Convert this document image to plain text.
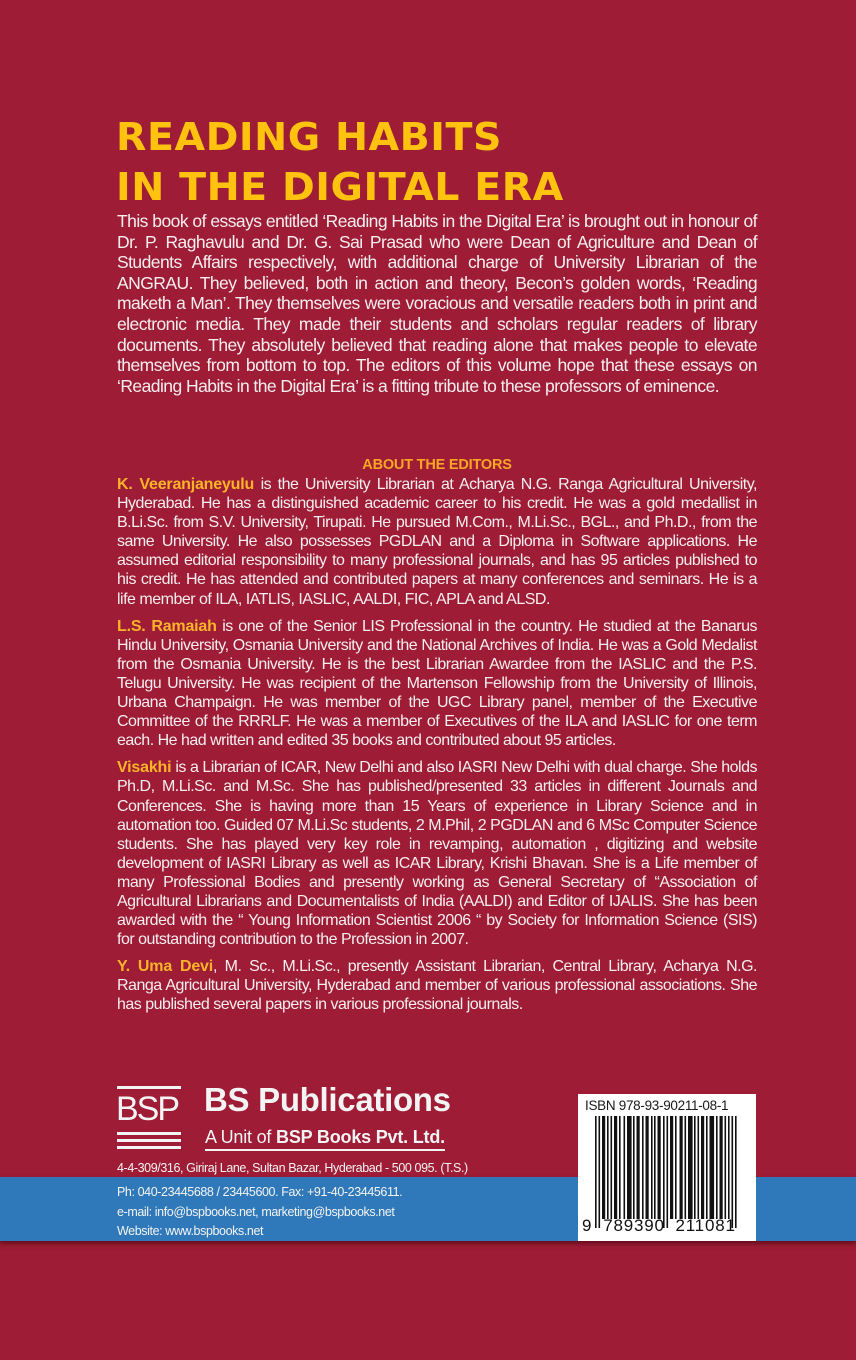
READING HABITS
IN THE DIGITAL ERA

This book of essays entitled ‘Reading Habits in the Digital Era’ is brought out in honour of Dr. P. Raghavulu and Dr. G. Sai Prasad who were Dean of Agriculture and Dean of Students Affairs respectively, with additional charge of University Librarian of the ANGRAU. They believed, both in action and theory, Becon’s golden words, ‘Reading maketh a Man’. They themselves were voracious and versatile readers both in print and electronic media. They made their students and scholars regular readers of library documents. They absolutely believed that reading alone that makes people to elevate themselves from bottom to top. The editors of this volume hope that these essays on ‘Reading Habits in the Digital Era’ is a fitting tribute to these professors of eminence.

ABOUT THE EDITORS

K. Veeranjaneyulu is the University Librarian at Acharya N.G. Ranga Agricultural University, Hyderabad. He has a distinguished academic career to his credit. He was a gold medallist in B.Li.Sc. from S.V. University, Tirupati. He pursued M.Com., M.Li.Sc., BGL., and Ph.D., from the same University. He also possesses PGDLAN and a Diploma in Software applications. He assumed editorial responsibility to many professional journals, and has 95 articles published to his credit. He has attended and contributed papers at many conferences and seminars. He is a life member of ILA, IATLIS, IASLIC, AALDI, FIC, APLA and ALSD.

L.S. Ramaiah is one of the Senior LIS Professional in the country. He studied at the Banarus Hindu University, Osmania University and the National Archives of India. He was a Gold Medalist from the Osmania University. He is the best Librarian Awardee from the IASLIC and the P.S. Telugu University. He was recipient of the Martenson Fellowship from the University of Illinois, Urbana Champaign. He was member of the UGC Library panel, member of the Executive Committee of the RRRLF. He was a member of Executives of the ILA and IASLIC for one term each. He had written and edited 35 books and contributed about 95 articles.

Visakhi is a Librarian of ICAR, New Delhi and also IASRI New Delhi with dual charge. She holds Ph.D, M.Li.Sc. and M.Sc. She has published/presented 33 articles in different Journals and Conferences. She is having more than 15 Years of experience in Library Science and in automation too. Guided 07 M.Li.Sc students, 2 M.Phil, 2 PGDLAN and 6 MSc Computer Science students. She has played very key role in revamping, automation , digitizing and website development of IASRI Library as well as ICAR Library, Krishi Bhavan. She is a Life member of many Professional Bodies and presently working as General Secretary of “Association of Agricultural Librarians and Documentalists of India (AALDI) and Editor of IJALIS. She has been awarded with the “ Young Information Scientist 2006 “ by Society for Information Science (SIS) for outstanding contribution to the Profession in 2007.

Y. Uma Devi, M. Sc., M.Li.Sc., presently Assistant Librarian, Central Library, Acharya N.G. Ranga Agricultural University, Hyderabad and member of various professional associations. She has published several papers in various professional journals.

BSP BS Publications
A Unit of BSP Books Pvt. Ltd.

4-4-309/316, Giriraj Lane, Sultan Bazar, Hyderabad - 500 095. (T.S.)

Ph: 040-23445688 / 23445600. Fax: +91-40-23445611.
e-mail: info@bspbooks.net, marketing@bspbooks.net
Website: www.bspbooks.net
ISBN 978-93-90211-08-1
9 789390 211081
